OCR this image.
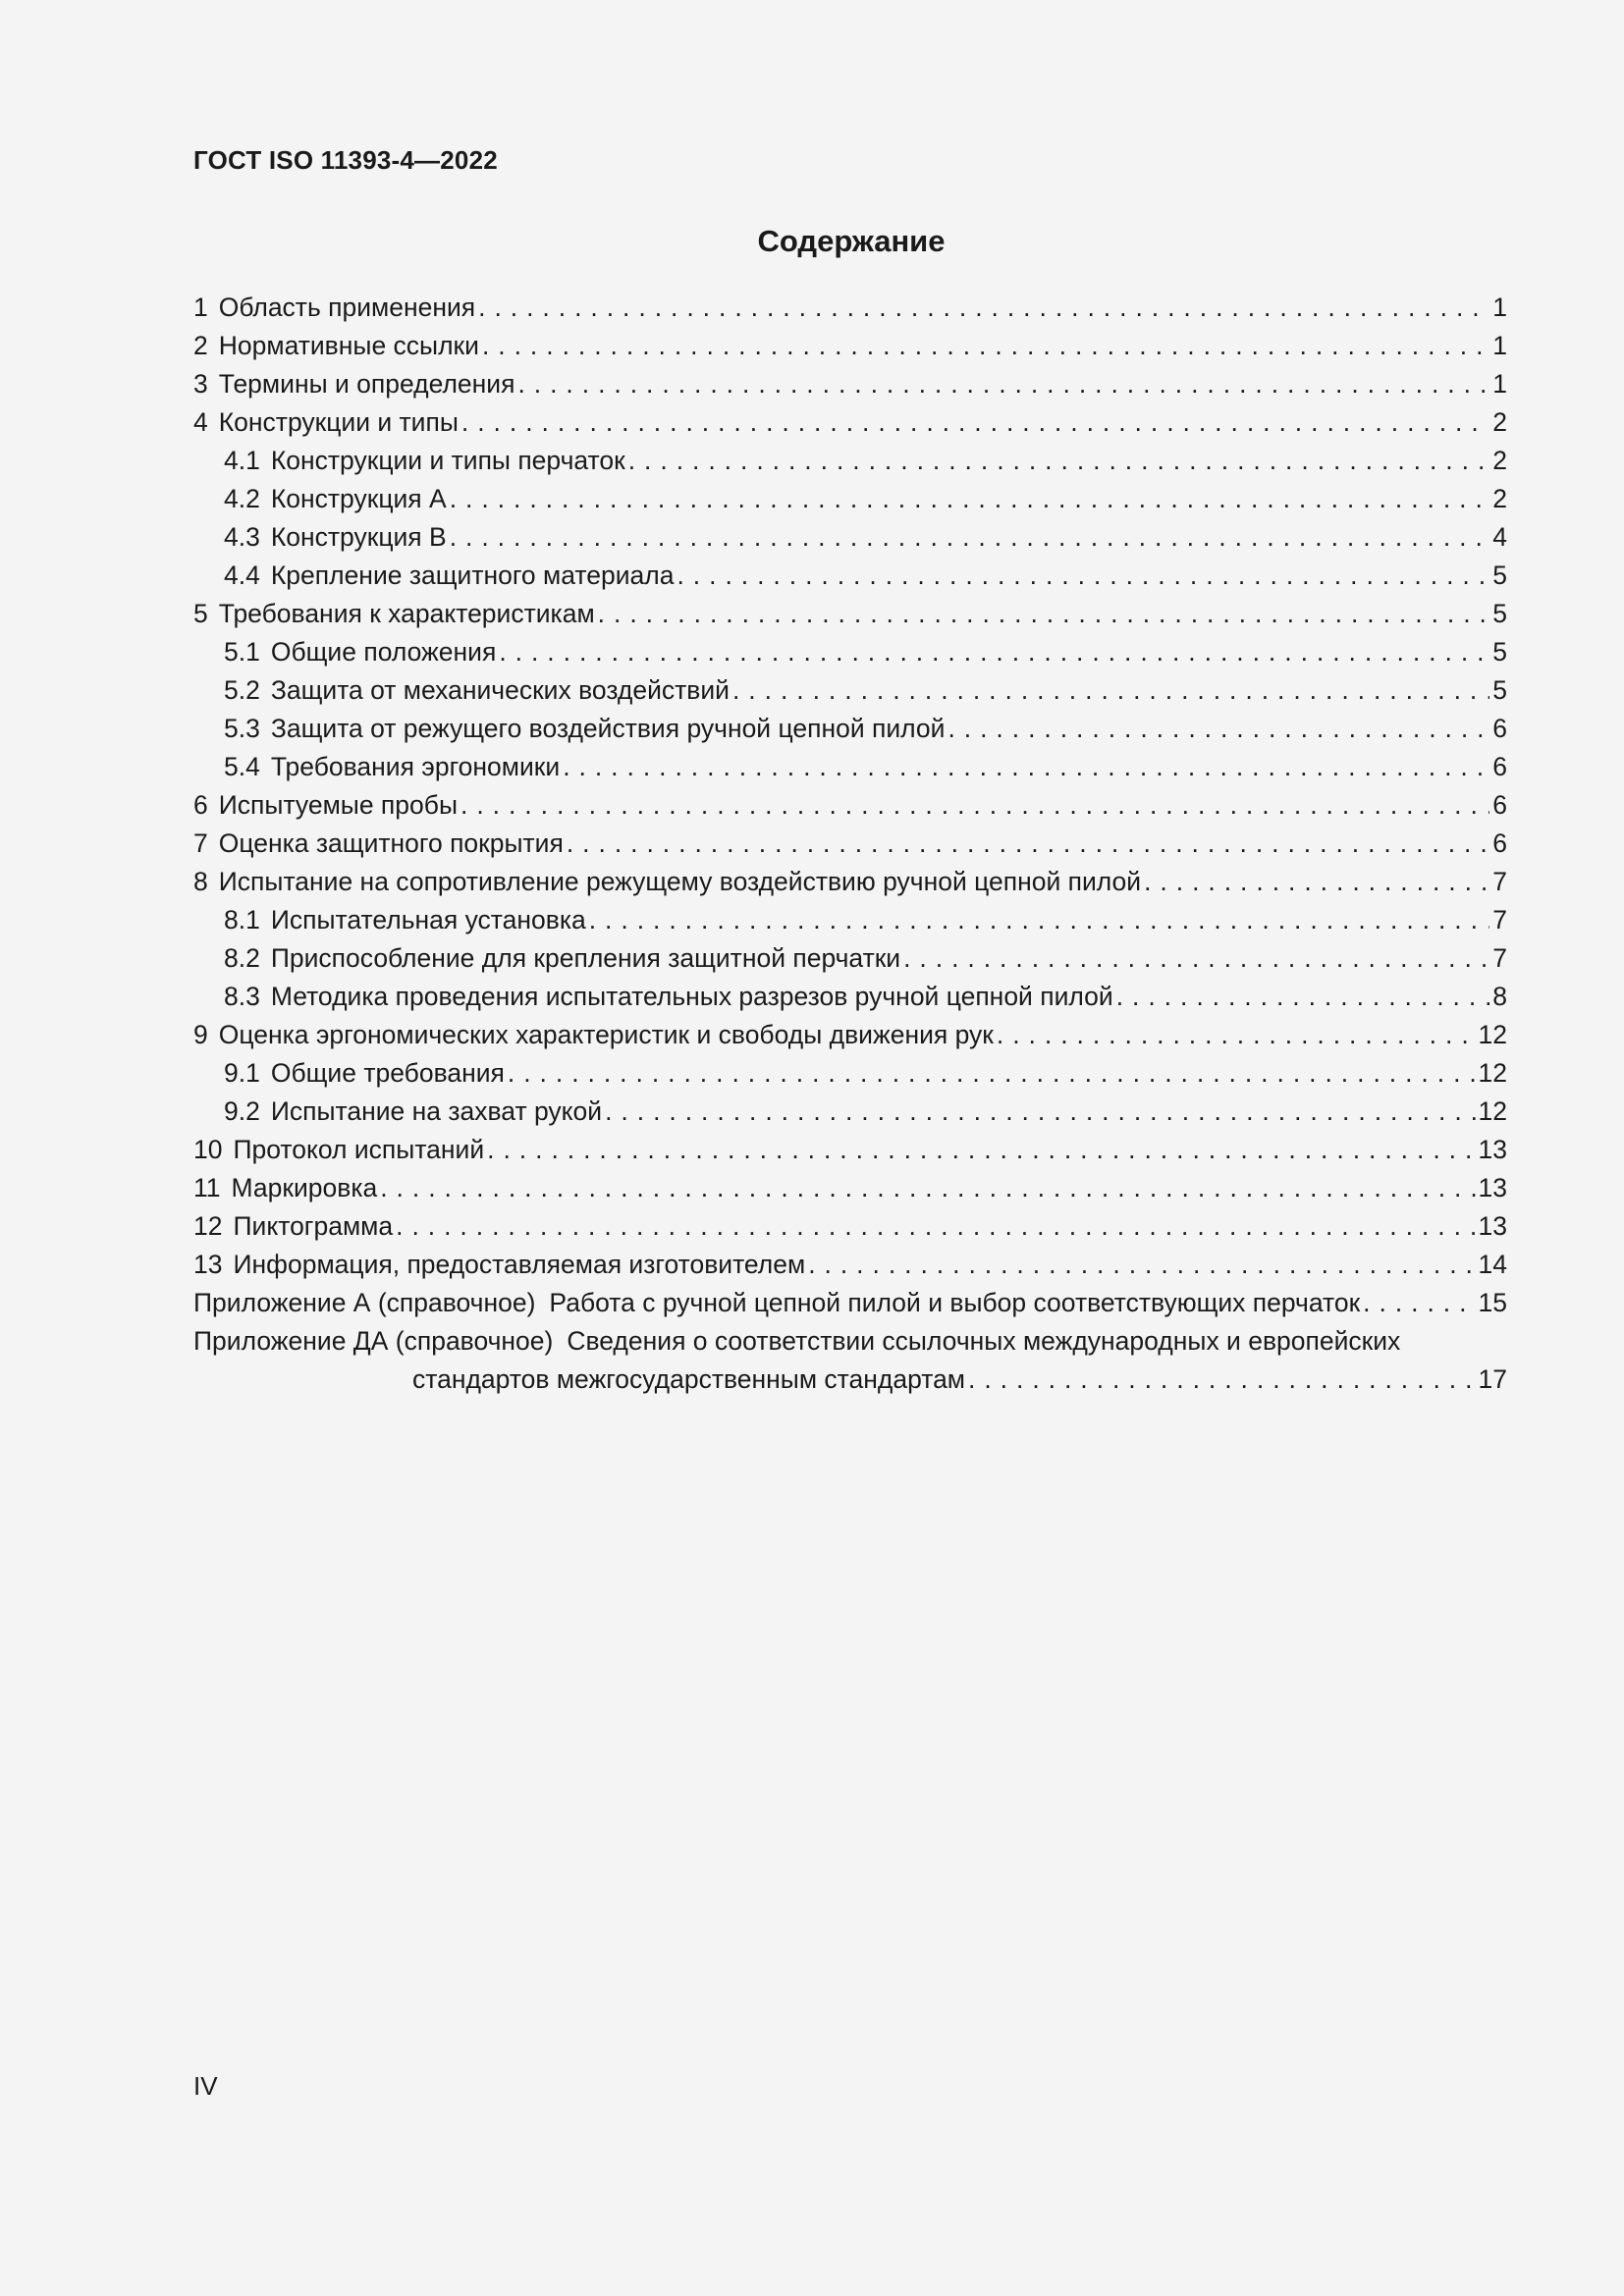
ГОСТ ISO 11393-4—2022
Содержание
1 Область применения . . .	1
2 Нормативные ссылки . . .	1
3 Термины и определения . . .	1
4 Конструкции и типы . . .	2
4.1 Конструкции и типы перчаток . . .	2
4.2 Конструкция А . . .	2
4.3 Конструкция В . . .	4
4.4 Крепление защитного материала . . .	5
5 Требования к характеристикам . . .	5
5.1 Общие положения . . .	5
5.2 Защита от механических воздействий . . .	5
5.3 Защита от режущего воздействия ручной цепной пилой . . .	6
5.4 Требования эргономики . . .	6
6 Испытуемые пробы . . .	6
7 Оценка защитного покрытия . . .	6
8 Испытание на сопротивление режущему воздействию ручной цепной пилой . . .	7
8.1 Испытательная установка . . .	7
8.2 Приспособление для крепления защитной перчатки . . .	7
8.3 Методика проведения испытательных разрезов ручной цепной пилой . . .	8
9 Оценка эргономических характеристик и свободы движения рук . . .	12
9.1 Общие требования . . .	12
9.2 Испытание на захват рукой . . .	12
10 Протокол испытаний . . .	13
11 Маркировка . . .	13
12 Пиктограмма . . .	13
13 Информация, предоставляемая изготовителем . . .	14
Приложение А (справочное) Работа с ручной цепной пилой и выбор соответствующих перчаток . . .	15
Приложение ДА (справочное) Сведения о соответствии ссылочных международных и европейских
стандартов межгосударственным стандартам . . .	17
IV
